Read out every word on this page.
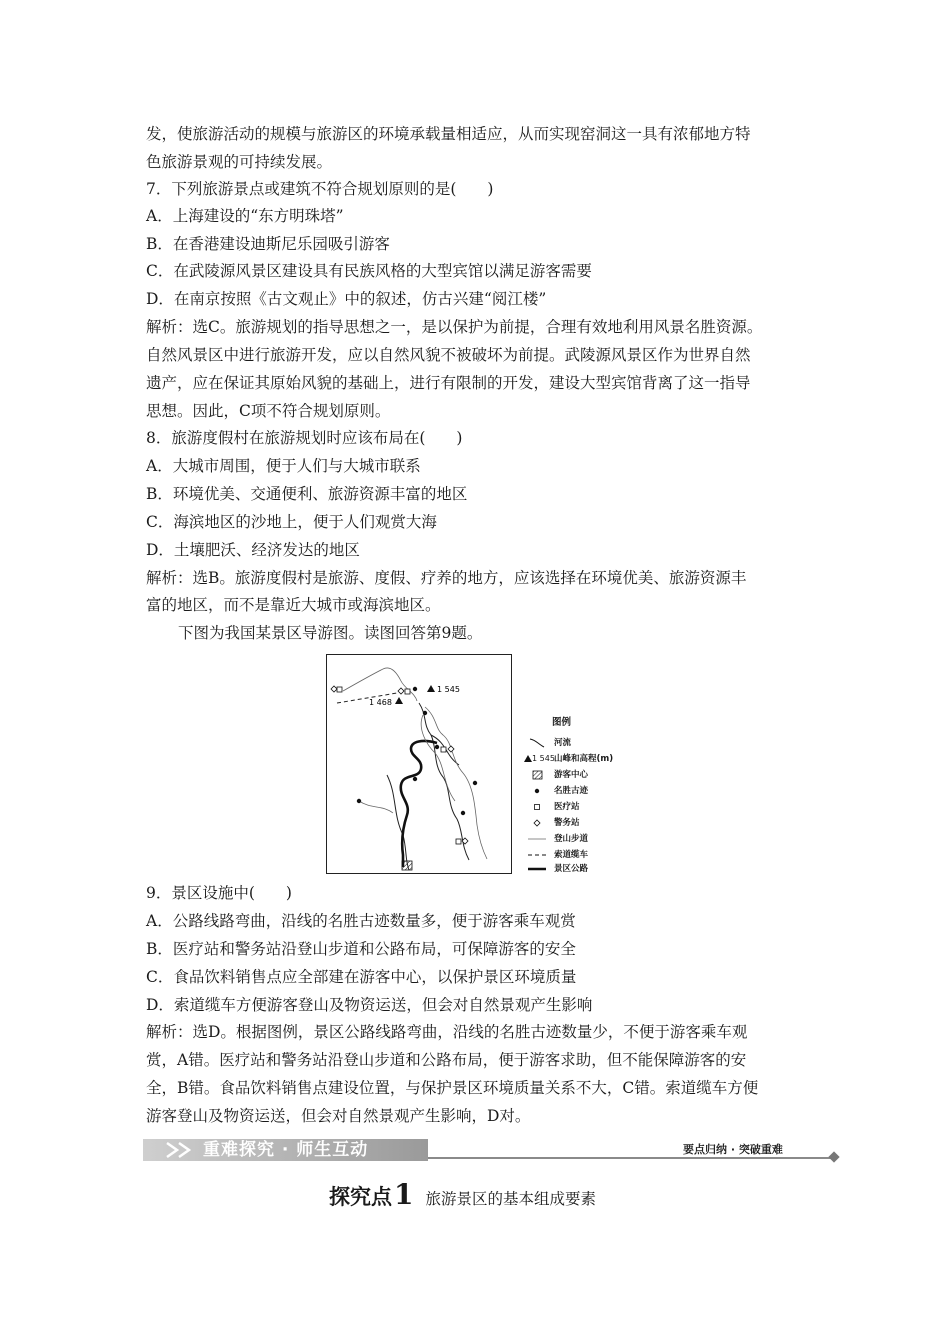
发，使旅游活动的规模与旅游区的环境承载量相适应，从而实现窑洞这一具有浓郁地方特
色旅游景观的可持续发展。
7．下列旅游景点或建筑不符合规划原则的是(　　)
A．上海建设的“东方明珠塔”
B．在香港建设迪斯尼乐园吸引游客
C．在武陵源风景区建设具有民族风格的大型宾馆以满足游客需要
D．在南京按照《古文观止》中的叙述，仿古兴建“阅江楼”
解析：选C。旅游规划的指导思想之一，是以保护为前提，合理有效地利用风景名胜资源。
自然风景区中进行旅游开发，应以自然风貌不被破坏为前提。武陵源风景区作为世界自然
遗产，应在保证其原始风貌的基础上，进行有限制的开发，建设大型宾馆背离了这一指导
思想。因此，C项不符合规划原则。
8．旅游度假村在旅游规划时应该布局在(　　)
A．大城市周围，便于人们与大城市联系
B．环境优美、交通便利、旅游资源丰富的地区
C．海滨地区的沙地上，便于人们观赏大海
D．土壤肥沃、经济发达的地区
解析：选B。旅游度假村是旅游、度假、疗养的地方，应该选择在环境优美、旅游资源丰
富的地区，而不是靠近大城市或海滨地区。
下图为我国某景区导游图。读图回答第9题。
1 545
1 468
图例
河流
1 545 山峰和高程(m)
游客中心
名胜古迹
医疗站
警务站
登山步道
索道缆车
景区公路
9．景区设施中(　　)
A．公路线路弯曲，沿线的名胜古迹数量多，便于游客乘车观赏
B．医疗站和警务站沿登山步道和公路布局，可保障游客的安全
C．食品饮料销售点应全部建在游客中心，以保护景区环境质量
D．索道缆车方便游客登山及物资运送，但会对自然景观产生影响
解析：选D。根据图例，景区公路线路弯曲，沿线的名胜古迹数量少，不便于游客乘车观
赏，A错。医疗站和警务站沿登山步道和公路布局，便于游客求助，但不能保障游客的安
全，B错。食品饮料销售点建设位置，与保护景区环境质量关系不大，C错。索道缆车方便
游客登山及物资运送，但会对自然景观产生影响，D对。
重难探究 · 师生互动	要点归纳 · 突破重难
探究点1 旅游景区的基本组成要素
